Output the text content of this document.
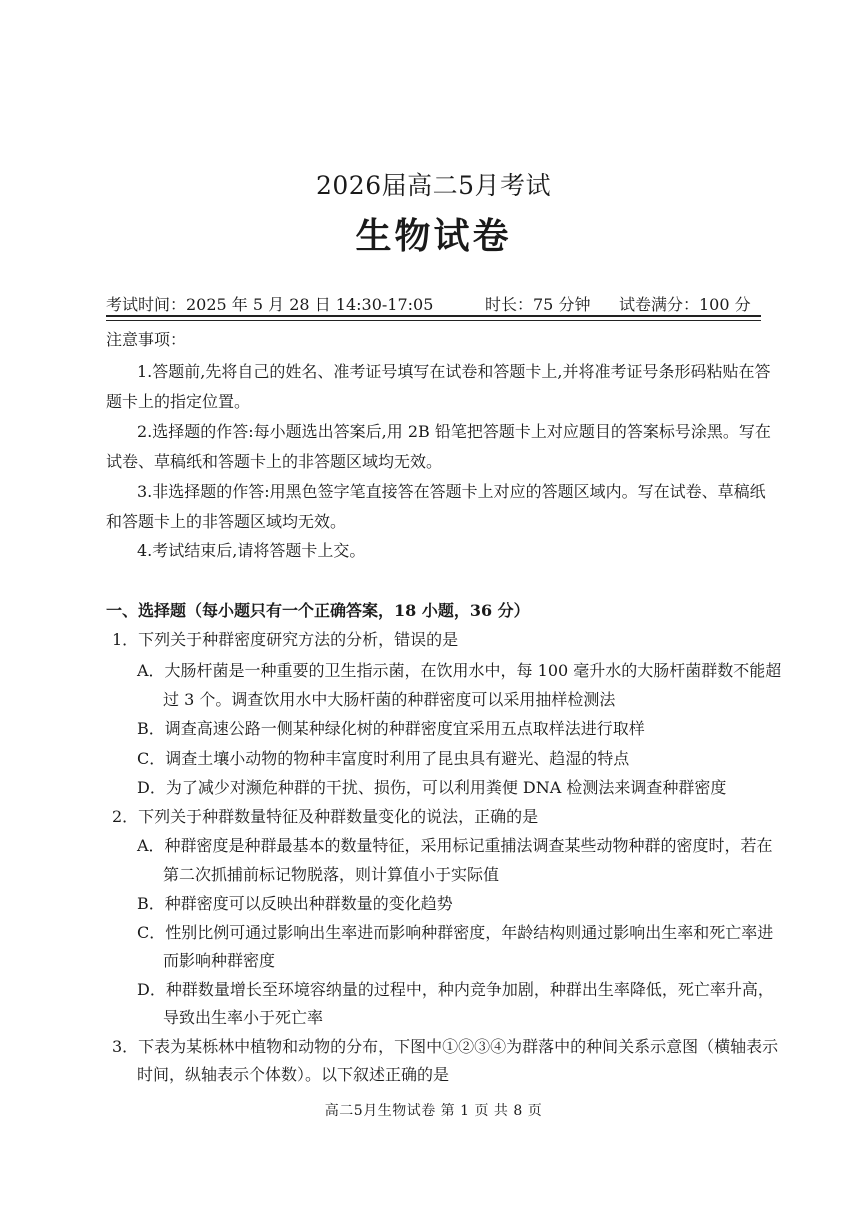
2026届高二5月考试
生物试卷
考试时间：2025 年 5 月 28 日 14:30-17:05	时长：75 分钟 试卷满分：100 分
注意事项：
1.答题前,先将自己的姓名、准考证号填写在试卷和答题卡上,并将准考证号条形码粘贴在答
题卡上的指定位置。
2.选择题的作答:每小题选出答案后,用 2B 铅笔把答题卡上对应题目的答案标号涂黑。写在
试卷、草稿纸和答题卡上的非答题区域均无效。
3.非选择题的作答:用黑色签字笔直接答在答题卡上对应的答题区域内。写在试卷、草稿纸
和答题卡上的非答题区域均无效。
4.考试结束后,请将答题卡上交。
一、选择题（每小题只有一个正确答案，18 小题，36 分）
1．下列关于种群密度研究方法的分析，错误的是
A．大肠杆菌是一种重要的卫生指示菌，在饮用水中，每 100 毫升水的大肠杆菌群数不能超
过 3 个。调查饮用水中大肠杆菌的种群密度可以采用抽样检测法
B．调查高速公路一侧某种绿化树的种群密度宜采用五点取样法进行取样
C．调查土壤小动物的物种丰富度时利用了昆虫具有避光、趋湿的特点
D．为了减少对濒危种群的干扰、损伤，可以利用粪便 DNA 检测法来调查种群密度
2．下列关于种群数量特征及种群数量变化的说法，正确的是
A．种群密度是种群最基本的数量特征，采用标记重捕法调查某些动物种群的密度时，若在
第二次抓捕前标记物脱落，则计算值小于实际值
B．种群密度可以反映出种群数量的变化趋势
C．性别比例可通过影响出生率进而影响种群密度，年龄结构则通过影响出生率和死亡率进
而影响种群密度
D．种群数量增长至环境容纳量的过程中，种内竞争加剧，种群出生率降低，死亡率升高，
导致出生率小于死亡率
3．下表为某栎林中植物和动物的分布，下图中①②③④为群落中的种间关系示意图（横轴表示
时间，纵轴表示个体数）。以下叙述正确的是
高二5月生物试卷 第 1 页 共 8 页
